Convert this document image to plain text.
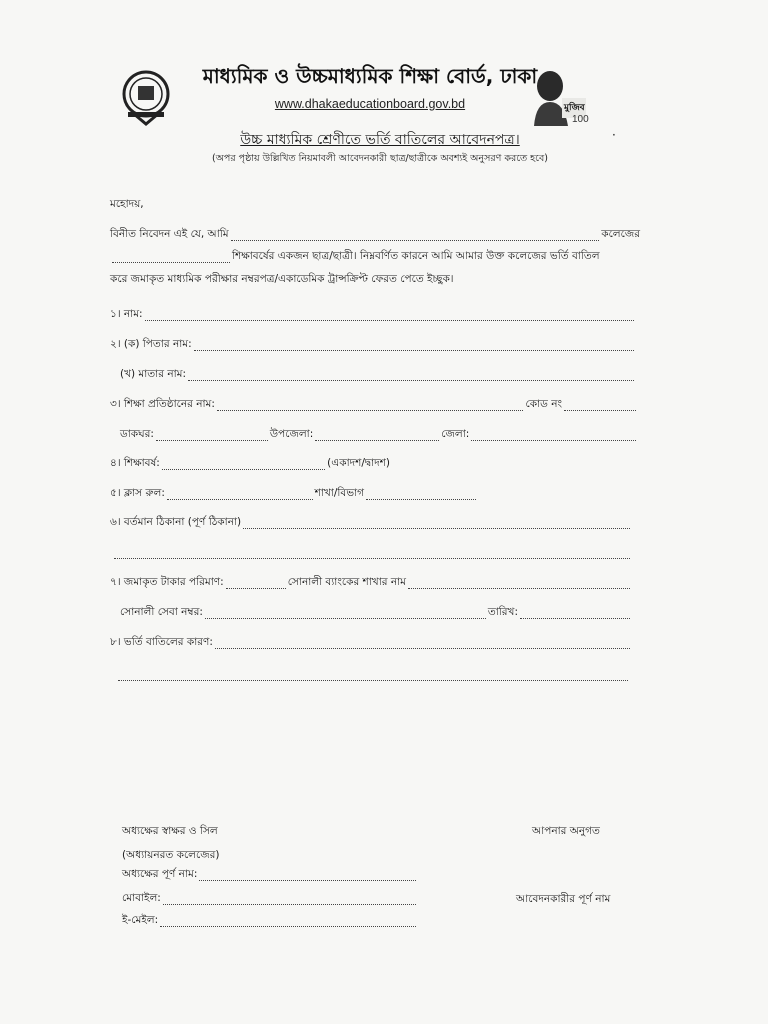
মাধ্যমিক ও উচ্চমাধ্যমিক শিক্ষা বোর্ড, ঢাকা
www.dhakaeducationboard.gov.bd	মুজিব
100
উচ্চ মাধ্যমিক শ্রেণীতে ভর্তি বাতিলের আবেদনপত্র।	·
(অপর পৃষ্ঠায় উল্লিখিত নিয়মাবলী আবেদনকারী ছাত্র/ছাত্রীকে অবশ্যই অনুসরণ করতে হবে)
মহোদয়,
বিনীত নিবেদন এই যে, আমি	কলেজের
শিক্ষাবর্ষের একজন ছাত্র/ছাত্রী। নিম্নবর্ণিত কারনে আমি আমার উক্ত কলেজের ভর্তি বাতিল
করে জমাকৃত মাধ্যমিক পরীক্ষার নম্বরপত্র/একাডেমিক ট্রান্সক্রিপ্ট ফেরত পেতে ইচ্ছুক।
১। নাম:
২। (ক) পিতার নাম:
(খ) মাতার নাম:
৩। শিক্ষা প্রতিষ্ঠানের নাম:	কোড নং
ডাকঘর:	উপজেলা:	জেলা:
৪। শিক্ষাবর্ষ:	(একাদশ/দ্বাদশ)
৫। ক্লাস রুল:	শাখা/বিভাগ
৬। বর্তমান ঠিকানা (পূর্ণ ঠিকানা)
৭। জমাকৃত টাকার পরিমাণ:	সোনালী ব্যাংকের শাখার নাম
সোনালী সেবা নম্বর:	তারিখ:
৮। ভর্তি বাতিলের কারণ:
অধ্যক্ষের স্বাক্ষর ও সিল
(অধ্যায়নরত কলেজের)
অধ্যক্ষের পূর্ণ নাম:
মোবাইল:
ই-মেইল:
আপনার অনুগত
আবেদনকারীর পূর্ণ নাম
